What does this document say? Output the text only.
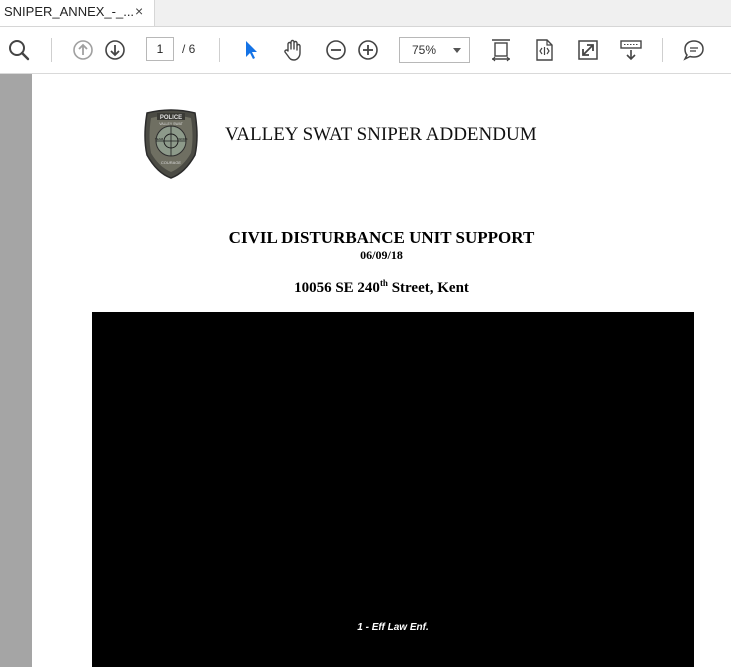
SNIPER_ANNEX_-_... ×
1	/ 6	75%
POLICE
VALLEY SWAT
TEAM	WORK
COURAGE
VALLEY SWAT SNIPER ADDENDUM
CIVIL DISTURBANCE UNIT SUPPORT
06/09/18
10056 SE 240th Street, Kent
1 - Eff Law Enf.
